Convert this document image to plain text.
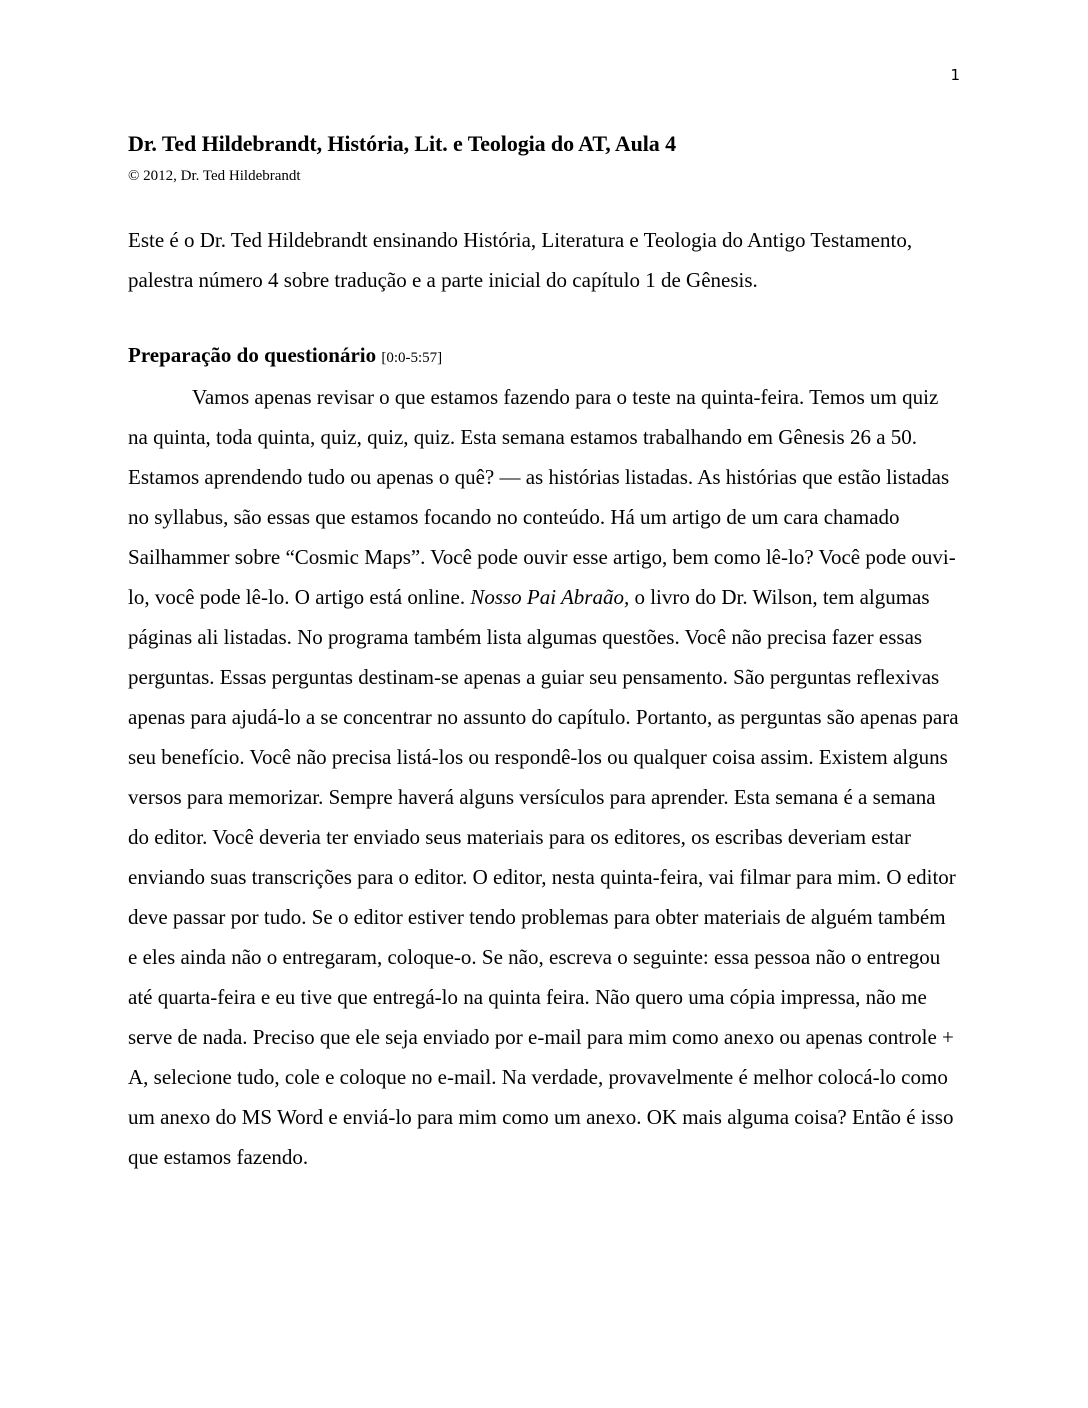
1
Dr. Ted Hildebrandt, História, Lit. e Teologia do AT, Aula 4

© 2012, Dr. Ted Hildebrandt

Este é o Dr. Ted Hildebrandt ensinando História, Literatura e Teologia do Antigo Testamento, palestra número 4 sobre tradução e a parte inicial do capítulo 1 de Gênesis.

Preparação do questionário [0:0-5:57]

Vamos apenas revisar o que estamos fazendo para o teste na quinta-feira. Temos um quiz na quinta, toda quinta, quiz, quiz, quiz. Esta semana estamos trabalhando em Gênesis 26 a 50. Estamos aprendendo tudo ou apenas o quê? — as histórias listadas. As histórias que estão listadas no syllabus, são essas que estamos focando no conteúdo. Há um artigo de um cara chamado Sailhammer sobre “Cosmic Maps”. Você pode ouvir esse artigo, bem como lê-lo? Você pode ouvi-lo, você pode lê-lo. O artigo está online. Nosso Pai Abraão, o livro do Dr. Wilson, tem algumas páginas ali listadas. No programa também lista algumas questões. Você não precisa fazer essas perguntas. Essas perguntas destinam-se apenas a guiar seu pensamento. São perguntas reflexivas apenas para ajudá-lo a se concentrar no assunto do capítulo. Portanto, as perguntas são apenas para seu benefício. Você não precisa listá-los ou respondê-los ou qualquer coisa assim. Existem alguns versos para memorizar. Sempre haverá alguns versículos para aprender. Esta semana é a semana do editor. Você deveria ter enviado seus materiais para os editores, os escribas deveriam estar enviando suas transcrições para o editor. O editor, nesta quinta-feira, vai filmar para mim. O editor deve passar por tudo. Se o editor estiver tendo problemas para obter materiais de alguém também e eles ainda não o entregaram, coloque-o. Se não, escreva o seguinte: essa pessoa não o entregou até quarta-feira e eu tive que entregá-lo na quinta feira. Não quero uma cópia impressa, não me serve de nada. Preciso que ele seja enviado por e-mail para mim como anexo ou apenas controle + A, selecione tudo, cole e coloque no e-mail. Na verdade, provavelmente é melhor colocá-lo como um anexo do MS Word e enviá-lo para mim como um anexo. OK mais alguma coisa? Então é isso que estamos fazendo.
